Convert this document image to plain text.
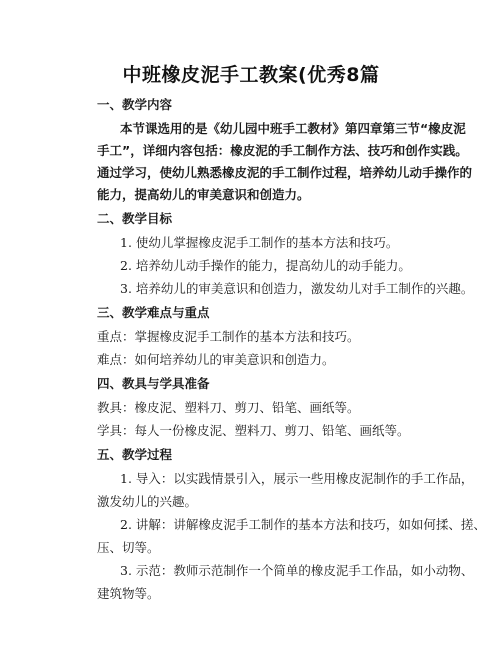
中班橡皮泥手工教案(优秀8篇
一、教学内容
本节课选用的是《幼儿园中班手工教材》第四章第三节“橡皮泥
手工”，详细内容包括：橡皮泥的手工制作方法、技巧和创作实践。
通过学习，使幼儿熟悉橡皮泥的手工制作过程，培养幼儿动手操作的
能力，提高幼儿的审美意识和创造力。
二、教学目标
1. 使幼儿掌握橡皮泥手工制作的基本方法和技巧。
2. 培养幼儿动手操作的能力，提高幼儿的动手能力。
3. 培养幼儿的审美意识和创造力，激发幼儿对手工制作的兴趣。
三、教学难点与重点
重点：掌握橡皮泥手工制作的基本方法和技巧。
难点：如何培养幼儿的审美意识和创造力。
四、教具与学具准备
教具：橡皮泥、塑料刀、剪刀、铅笔、画纸等。
学具：每人一份橡皮泥、塑料刀、剪刀、铅笔、画纸等。
五、教学过程
1. 导入：以实践情景引入，展示一些用橡皮泥制作的手工作品，
激发幼儿的兴趣。
2. 讲解：讲解橡皮泥手工制作的基本方法和技巧，如如何揉、搓、
压、切等。
3. 示范：教师示范制作一个简单的橡皮泥手工作品，如小动物、
建筑物等。
